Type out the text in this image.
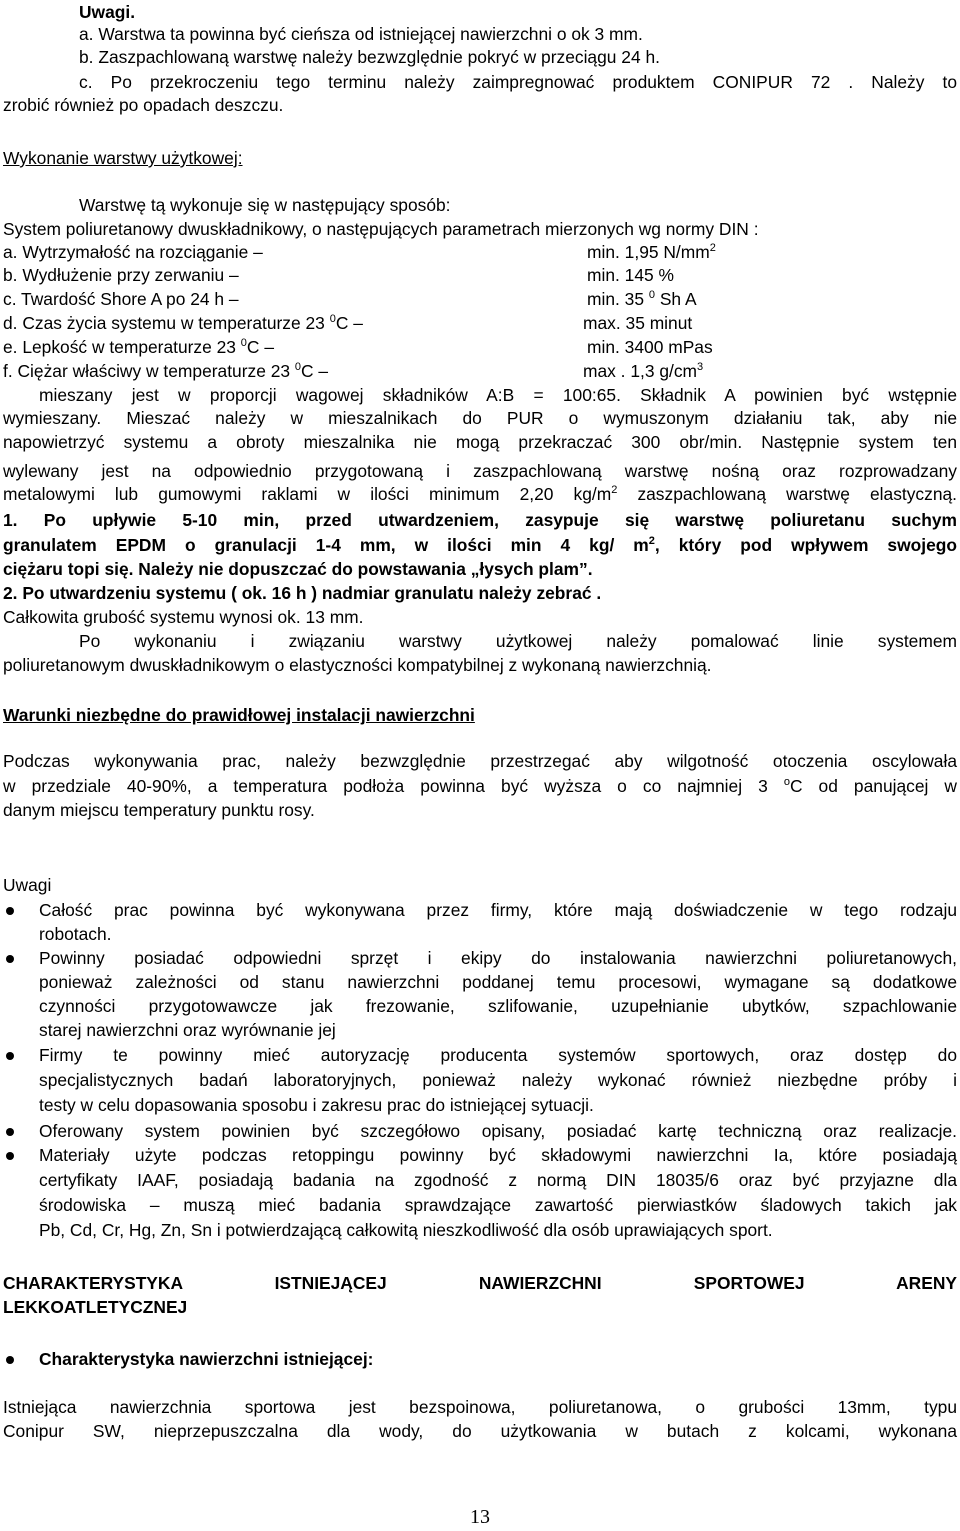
Uwagi.
a. Warstwa ta powinna być cieńsza od istniejącej nawierzchni o ok 3 mm.
b. Zaszpachlowaną warstwę należy bezwzględnie pokryć w przeciągu 24 h.
c. Po przekroczeniu tego terminu należy zaimpregnować produktem CONIPUR 72 . Należy to
zrobić również po opadach deszczu.
Wykonanie warstwy użytkowej:
Warstwę tą wykonuje się w następujący sposób:
System poliuretanowy dwuskładnikowy, o następujących parametrach mierzonych wg normy DIN :
a. Wytrzymałość na rozciąganie –	min. 1,95 $N/mm^2$
b. Wydłużenie przy zerwaniu –	min. 145 %
c. Twardość Shore A po 24 h –	min. 35 $^0$ Sh A
d. Czas życia systemu w temperaturze 23 $^0$C –	max. 35 minut
e. Lepkość w temperaturze 23 $^0$C –	min. 3400 mPas
f. Ciężar właściwy w temperaturze 23 $^0$C –	max . 1,3 $g/cm^3$
mieszany jest w proporcji wagowej składników A:B = 100:65. Składnik A powinien być wstępnie
wymieszany. Mieszać należy w mieszalnikach do PUR o wymuszonym działaniu tak, aby nie
napowietrzyć systemu a obroty mieszalnika nie mogą przekraczać 300 obr/min. Następnie system ten
wylewany jest na odpowiednio przygotowaną i zaszpachlowaną warstwę nośną oraz rozprowadzany
metalowymi lub gumowymi raklami w ilości minimum 2,20 $kg/m^2$ zaszpachlowaną warstwę elastyczną.
1. Po upływie 5-10 min, przed utwardzeniem, zasypuje się warstwę poliuretanu suchym
granulatem EPDM o granulacji 1-4 mm, w ilości min 4 kg/ $m^2$, który pod wpływem swojego
ciężaru topi się. Należy nie dopuszczać do powstawania „łysych plam”.
2. Po utwardzeniu systemu ( ok. 16 h ) nadmiar granulatu należy zebrać .
Całkowita grubość systemu wynosi ok. 13 mm.
Po wykonaniu i związaniu warstwy użytkowej należy pomalować linie systemem
poliuretanowym dwuskładnikowym o elastyczności kompatybilnej z wykonaną nawierzchnią.
Warunki niezbędne do prawidłowej instalacji nawierzchni
Podczas wykonywania prac, należy bezwzględnie przestrzegać aby wilgotność otoczenia oscylowała
w przedziale 40-90%, a temperatura podłoża powinna być wyższa o co najmniej 3 $^o$C od panującej w
danym miejscu temperatury punktu rosy.
Uwagi
Całość prac powinna być wykonywana przez firmy, które mają doświadczenie w tego rodzaju
robotach.
Powinny posiadać odpowiedni sprzęt i ekipy do instalowania nawierzchni poliuretanowych,
ponieważ zależności od stanu nawierzchni poddanej temu procesowi, wymagane są dodatkowe
czynności przygotowawcze jak frezowanie, szlifowanie, uzupełnianie ubytków, szpachlowanie
starej nawierzchni oraz wyrównanie jej
Firmy te powinny mieć autoryzację producenta systemów sportowych, oraz dostęp do
specjalistycznych badań laboratoryjnych, ponieważ należy wykonać również niezbędne próby i
testy w celu dopasowania sposobu i zakresu prac do istniejącej sytuacji.
Oferowany system powinien być szczegółowo opisany, posiadać kartę techniczną oraz realizacje.
Materiały użyte podczas retoppingu powinny być składowymi nawierzchni Ia, które posiadają
certyfikaty IAAF, posiadają badania na zgodność z normą DIN 18035/6 oraz być przyjazne dla
środowiska – muszą mieć badania sprawdzające zawartość pierwiastków śladowych takich jak
Pb, Cd, Cr, Hg, Zn, Sn i potwierdzającą całkowitą nieszkodliwość dla osób uprawiających sport.
CHARAKTERYSTYKA ISTNIEJĄCEJ NAWIERZCHNI SPORTOWEJ ARENY
LEKKOATLETYCZNEJ
Charakterystyka nawierzchni istniejącej:
Istniejąca nawierzchnia sportowa jest bezspoinowa, poliuretanowa, o grubości 13mm, typu
Conipur SW, nieprzepuszczalna dla wody, do użytkowania w butach z kolcami, wykonana
13
